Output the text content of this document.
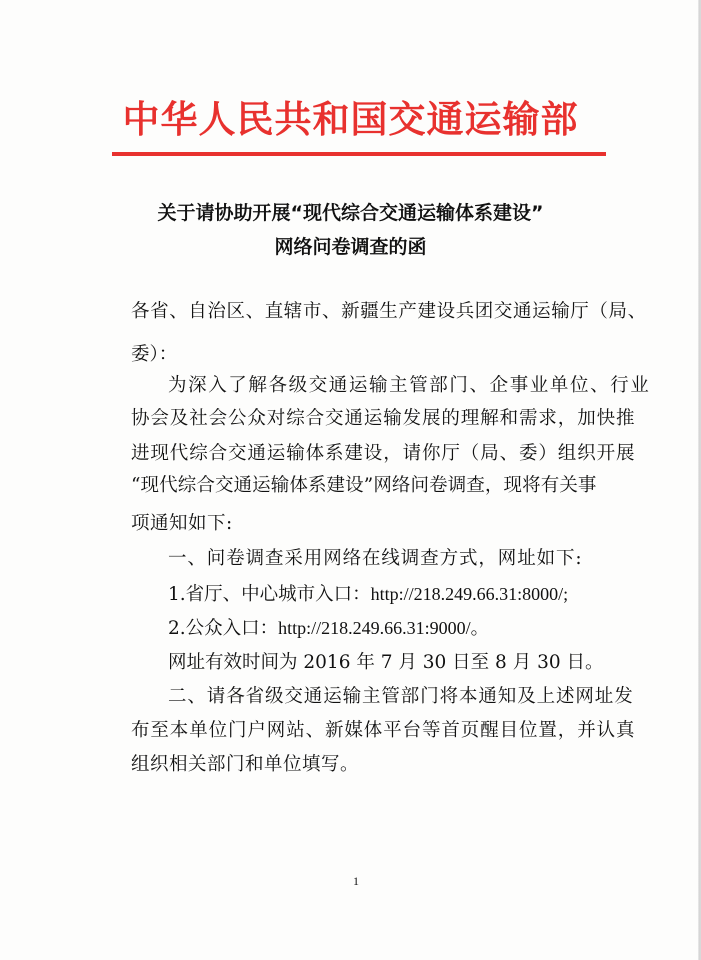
中华人民共和国交通运输部
关于请协助开展“现代综合交通运输体系建设”
网络问卷调查的函
各省、自治区、直辖市、新疆生产建设兵团交通运输厅（局、
委）：
为深入了解各级交通运输主管部门、企事业单位、行业
协会及社会公众对综合交通运输发展的理解和需求，加快推
进现代综合交通运输体系建设，请你厅（局、委）组织开展
“现代综合交通运输体系建设”网络问卷调查，现将有关事
项通知如下:
一、问卷调查采用网络在线调查方式，网址如下:
1.省厅、中心城市入口：http://218.249.66.31:8000/;
2.公众入口：http://218.249.66.31:9000/。
网址有效时间为 2016 年 7 月 30 日至 8 月 30 日。
二、请各省级交通运输主管部门将本通知及上述网址发
布至本单位门户网站、新媒体平台等首页醒目位置，并认真
组织相关部门和单位填写。
1
